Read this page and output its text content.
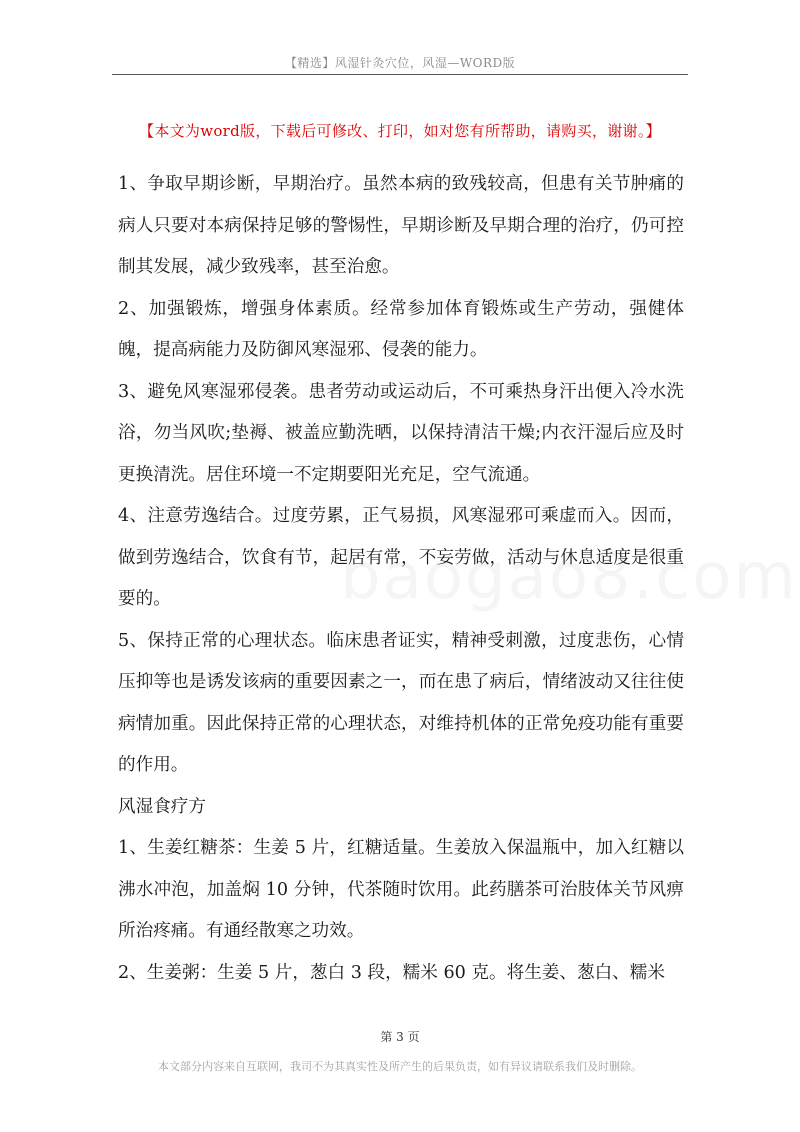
【精选】风湿针灸穴位，风湿—WORD版
【本文为word版，下载后可修改、打印，如对您有所帮助，请购买，谢谢。】

1、争取早期诊断，早期治疗。虽然本病的致残较高，但患有关节肿痛的病人只要对本病保持足够的警惕性，早期诊断及早期合理的治疗，仍可控制其发展，减少致残率，甚至治愈。

2、加强锻炼，增强身体素质。经常参加体育锻炼或生产劳动，强健体魄，提高病能力及防御风寒湿邪、侵袭的能力。

3、避免风寒湿邪侵袭。患者劳动或运动后，不可乘热身汗出便入冷水洗浴，勿当风吹;垫褥、被盖应勤洗晒，以保持清洁干燥;内衣汗湿后应及时更换清洗。居住环境一不定期要阳光充足，空气流通。

4、注意劳逸结合。过度劳累，正气易损，风寒湿邪可乘虚而入。因而，做到劳逸结合，饮食有节，起居有常，不妄劳做，活动与休息适度是很重要的。

5、保持正常的心理状态。临床患者证实，精神受刺激，过度悲伤，心情压抑等也是诱发该病的重要因素之一，而在患了病后，情绪波动又往往使病情加重。因此保持正常的心理状态，对维持机体的正常免疫功能有重要的作用。

风湿食疗方

1、生姜红糖茶：生姜 5 片，红糖适量。生姜放入保温瓶中，加入红糖以沸水冲泡，加盖焖 10 分钟，代茶随时饮用。此药膳茶可治肢体关节风痹所治疼痛。有通经散寒之功效。

2、生姜粥：生姜 5 片，葱白 3 段，糯米 60 克。将生姜、葱白、糯米

第 3 页
本文部分内容来自互联网，我司不为其真实性及所产生的后果负责，如有异议请联系我们及时删除。
